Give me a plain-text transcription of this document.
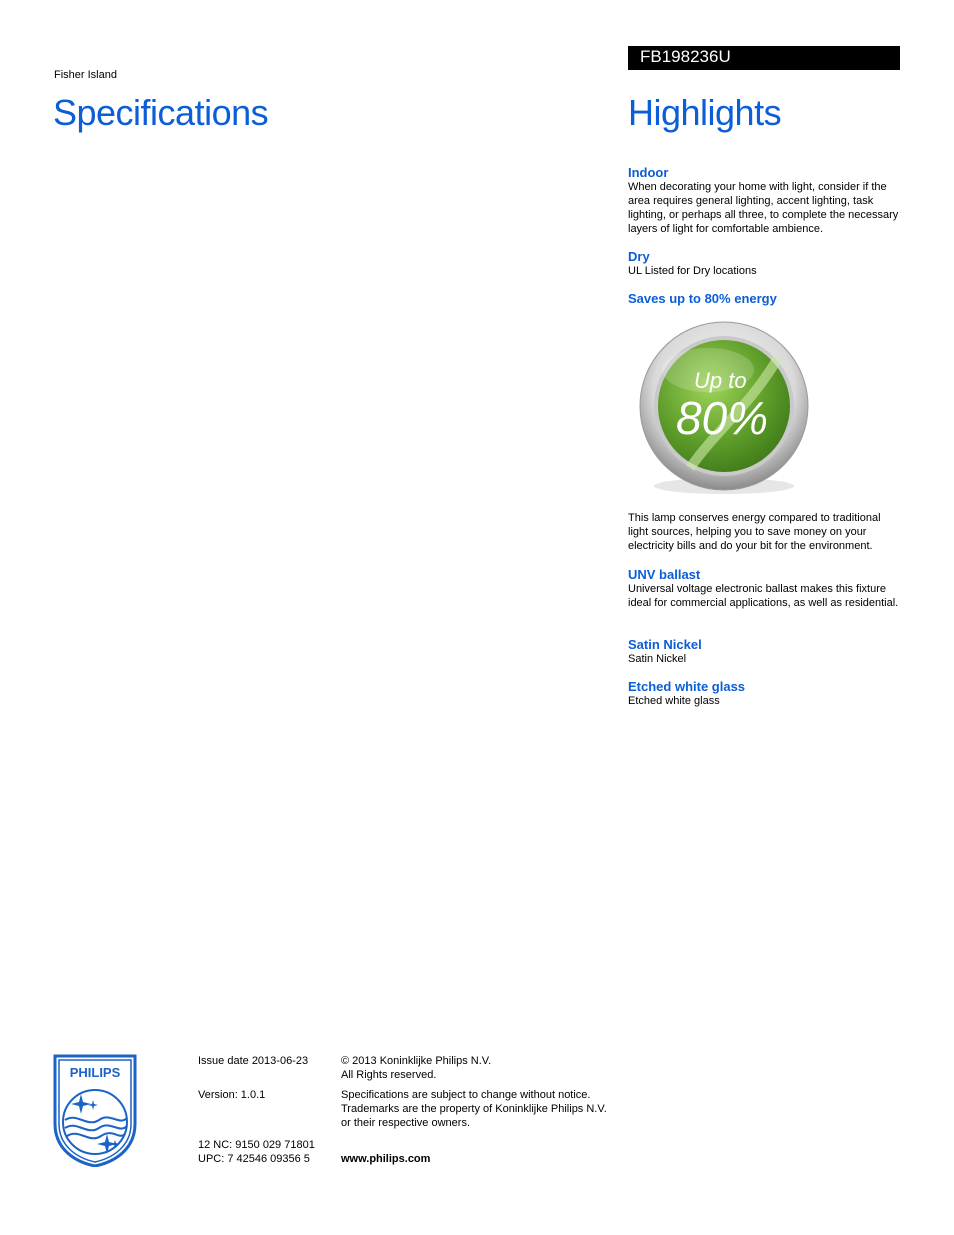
Fisher Island
Specifications
FB198236U
Highlights
Indoor
When decorating your home with light, consider if the area requires general lighting, accent lighting, task lighting, or perhaps all three, to complete the necessary layers of light for comfortable ambience.
Dry
UL Listed for Dry locations
Saves up to 80% energy
Up to
80%
This lamp conserves energy compared to traditional light sources, helping you to save money on your electricity bills and do your bit for the environment.
UNV ballast
Universal voltage electronic ballast makes this fixture ideal for commercial applications, as well as residential.
Satin Nickel
Satin Nickel
Etched white glass
Etched white glass
PHILIPS
Issue date 2013-06-23
Version: 1.0.1
12 NC: 9150 029 71801
UPC: 7 42546 09356 5
© 2013 Koninklijke Philips N.V.
All Rights reserved.
Specifications are subject to change without notice.
Trademarks are the property of Koninklijke Philips N.V.
or their respective owners.
www.philips.com
